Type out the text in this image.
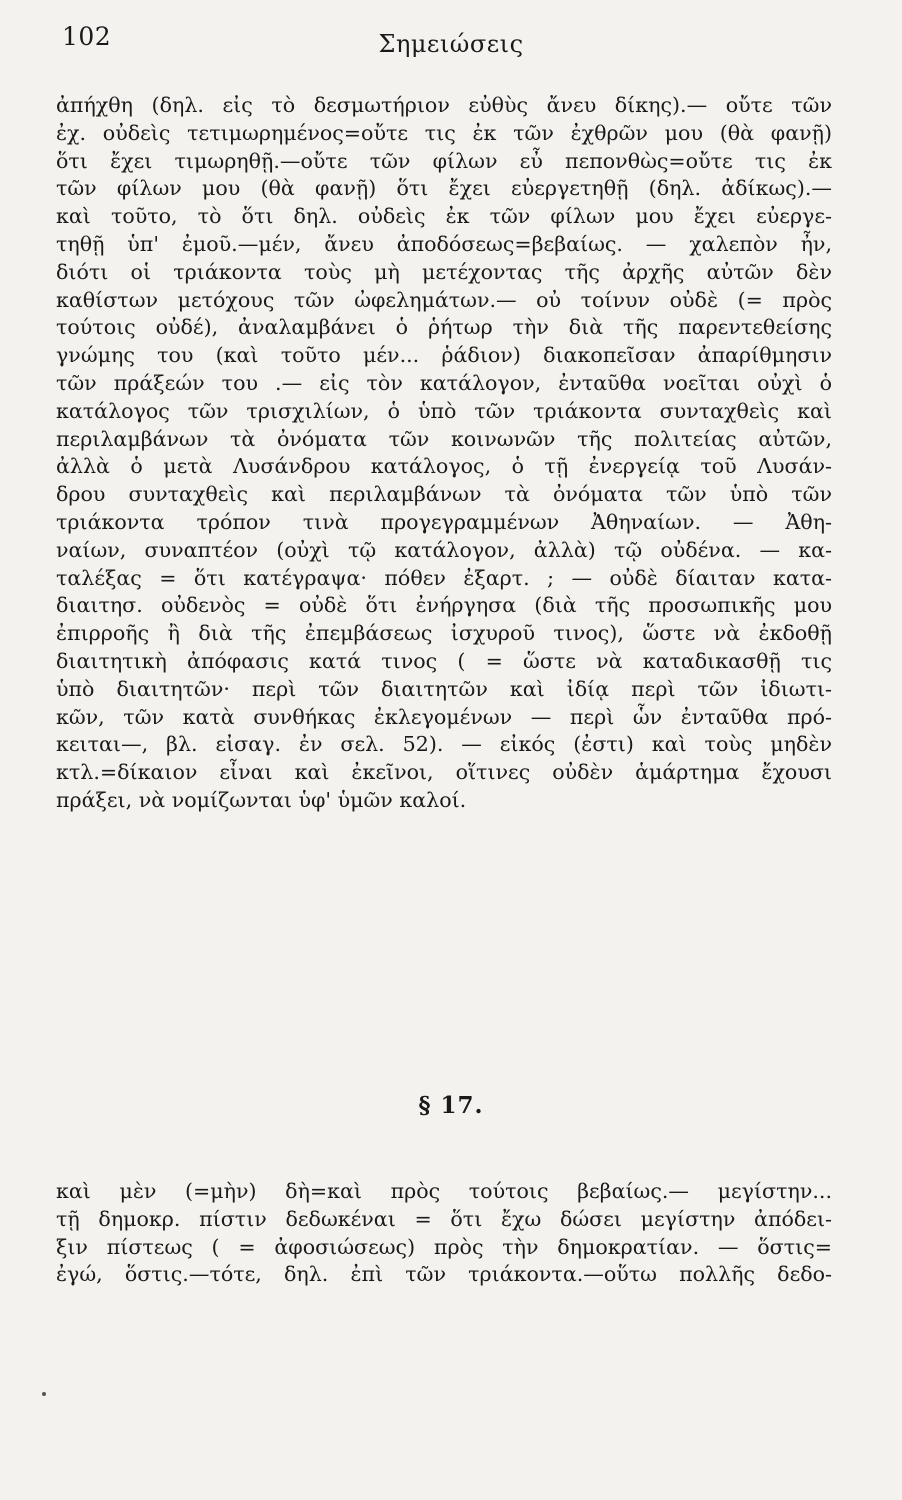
102	Σημειώσεις
ἀπήχθη (δηλ. εἰς τὸ δεσμωτήριον εὐθὺς ἄνευ δίκης).— οὔτε τῶν
ἐχ. οὐδεὶς τετιμωρημένος=οὔτε τις ἐκ τῶν ἐχθρῶν μου (θὰ φανῇ)
ὅτι ἔχει τιμωρηθῇ.—οὔτε τῶν φίλων εὖ πεπονθὼς=οὔτε τις ἐκ
τῶν φίλων μου (θὰ φανῇ) ὅτι ἔχει εὐεργετηθῇ (δηλ. ἀδίκως).—
καὶ τοῦτο, τὸ ὅτι δηλ. οὐδεὶς ἐκ τῶν φίλων μου ἔχει εὐεργε-
τηθῇ ὑπ' ἐμοῦ.—μέν, ἄνευ ἀποδόσεως=βεβαίως. — χαλεπὸν ἦν,
διότι οἱ τριάκοντα τοὺς μὴ μετέχοντας τῆς ἀρχῆς αὐτῶν δὲν
καθίστων μετόχους τῶν ὠφελημάτων.— οὐ τοίνυν οὐδὲ (= πρὸς
τούτοις οὐδέ), ἀναλαμβάνει ὁ ῥήτωρ τὴν διὰ τῆς παρεντεθείσης
γνώμης του (καὶ τοῦτο μέν... ῥάδιον) διακοπεῖσαν ἀπαρίθμησιν
τῶν πράξεών του .— εἰς τὸν κατάλογον, ἐνταῦθα νοεῖται οὐχὶ ὁ
κατάλογος τῶν τρισχιλίων, ὁ ὑπὸ τῶν τριάκοντα συνταχθεὶς καὶ
περιλαμβάνων τὰ ὀνόματα τῶν κοινωνῶν τῆς πολιτείας αὐτῶν,
ἀλλὰ ὁ μετὰ Λυσάνδρου κατάλογος, ὁ τῇ ἐνεργείᾳ τοῦ Λυσάν-
δρου συνταχθεὶς καὶ περιλαμβάνων τὰ ὀνόματα τῶν ὑπὸ τῶν
τριάκοντα τρόπον τινὰ προγεγραμμένων Ἀθηναίων. — Ἀθη-
ναίων, συναπτέον (οὐχὶ τῷ κατάλογον, ἀλλὰ) τῷ οὐδένα. — κα-
ταλέξας = ὅτι κατέγραψα· πόθεν ἐξαρτ. ; — οὐδὲ δίαιταν κατα-
διαιτησ. οὐδενὸς = οὐδὲ ὅτι ἐνήργησα (διὰ τῆς προσωπικῆς μου
ἐπιρροῆς ἢ διὰ τῆς ἐπεμβάσεως ἰσχυροῦ τινος), ὥστε νὰ ἐκδοθῇ
διαιτητικὴ ἀπόφασις κατά τινος ( = ὥστε νὰ καταδικασθῇ τις
ὑπὸ διαιτητῶν· περὶ τῶν διαιτητῶν καὶ ἰδίᾳ περὶ τῶν ἰδιωτι-
κῶν, τῶν κατὰ συνθήκας ἐκλεγομένων — περὶ ὧν ἐνταῦθα πρό-
κειται—, βλ. εἰσαγ. ἐν σελ. 52). — εἰκός (ἐστι) καὶ τοὺς μηδὲν
κτλ.=δίκαιον εἶναι καὶ ἐκεῖνοι, οἵτινες οὐδὲν ἁμάρτημα ἔχουσι
πράξει, νὰ νομίζωνται ὑφ' ὑμῶν καλοί.
§ 17.
καὶ μὲν (=μὴν) δὴ=καὶ πρὸς τούτοις βεβαίως.— μεγίστην...
τῇ δημοκρ. πίστιν δεδωκέναι = ὅτι ἔχω δώσει μεγίστην ἀπόδει-
ξιν πίστεως ( = ἀφοσιώσεως) πρὸς τὴν δημοκρατίαν. — ὅστις=
ἐγώ, ὅστις.—τότε, δηλ. ἐπὶ τῶν τριάκοντα.—οὕτω πολλῆς δεδο-
